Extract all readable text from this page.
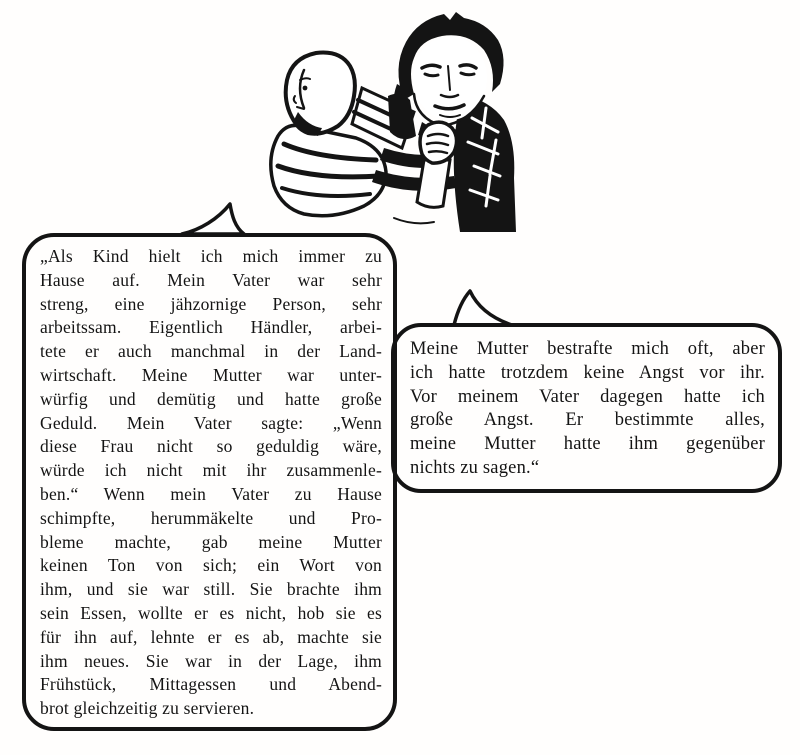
„Als Kind hielt ich mich immer zu
Hause auf. Mein Vater war sehr
streng, eine jähzornige Person, sehr
arbeitssam. Eigentlich Händler, arbei-
tete er auch manchmal in der Land-
wirtschaft. Meine Mutter war unter-
würfig und demütig und hatte große
Geduld. Mein Vater sagte: „Wenn
diese Frau nicht so geduldig wäre,
würde ich nicht mit ihr zusammenle-
ben.“ Wenn mein Vater zu Hause
schimpfte, herummäkelte und Pro-
bleme machte, gab meine Mutter
keinen Ton von sich; ein Wort von
ihm, und sie war still. Sie brachte ihm
sein Essen, wollte er es nicht, hob sie es
für ihn auf, lehnte er es ab, machte sie
ihm neues. Sie war in der Lage, ihm
Frühstück, Mittagessen und Abend-
brot gleichzeitig zu servieren.
Meine Mutter bestrafte mich oft, aber
ich hatte trotzdem keine Angst vor ihr.
Vor meinem Vater dagegen hatte ich
große Angst. Er bestimmte alles,
meine Mutter hatte ihm gegenüber
nichts zu sagen.“
